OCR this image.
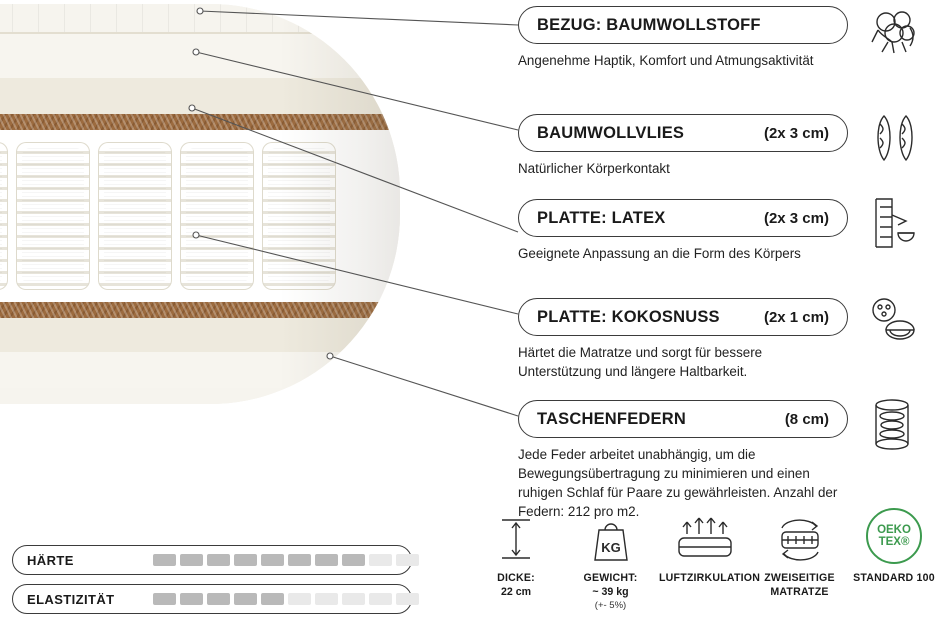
BEZUG: BAUMWOLLSTOFF
Angenehme Haptik, Komfort und Atmungsaktivität
BAUMWOLLVLIES	(2x 3 cm)
Natürlicher Körperkontakt
PLATTE: LATEX	(2x 3 cm)
Geeignete Anpassung an die Form des Körpers
PLATTE: KOKOSNUSS	(2x 1 cm)
Härtet die Matratze und sorgt für bessere Unterstützung und längere Haltbarkeit.
TASCHENFEDERN	(8 cm)
Jede Feder arbeitet unabhängig, um die Bewegungsübertragung zu minimieren und einen ruhigen Schlaf für Paare zu gewährleisten. Anzahl der Federn: 212 pro m2.
HÄRTE
ELASTIZITÄT
DICKE:
22 cm
KG
GEWICHT:
~ 39 kg
(+- 5%)
LUFTZIRKULATION ZWEISEITIGE MATRATZE
OEKO
TEX®
STANDARD 100
